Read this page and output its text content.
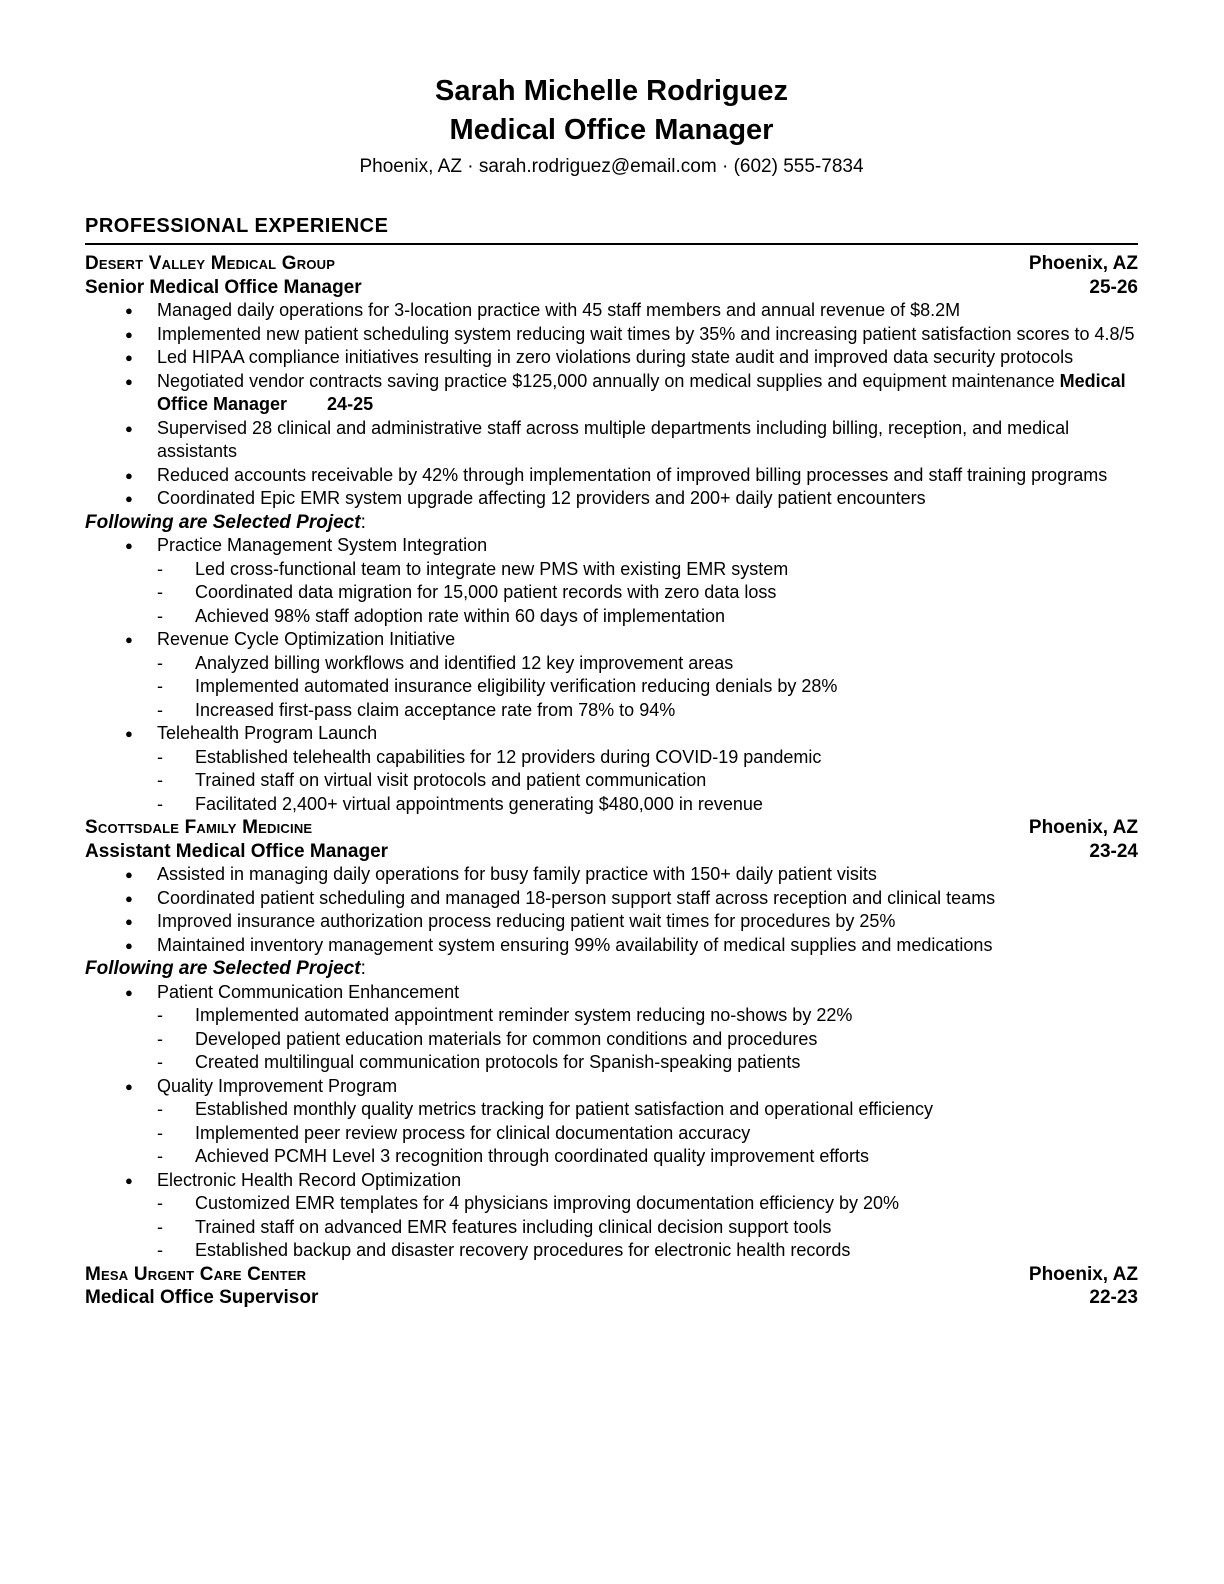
Sarah Michelle Rodriguez
Medical Office Manager
Phoenix, AZ · sarah.rodriguez@email.com · (602) 555-7834
PROFESSIONAL EXPERIENCE
Desert Valley Medical Group	Phoenix, AZ
Senior Medical Office Manager	25-26
●	Managed daily operations for 3-location practice with 45 staff members and annual revenue of $8.2M
●	Implemented new patient scheduling system reducing wait times by 35% and increasing patient satisfaction scores to 4.8/5
●	Led HIPAA compliance initiatives resulting in zero violations during state audit and improved data security protocols
●	Negotiated vendor contracts saving practice $125,000 annually on medical supplies and equipment maintenance Medical Office Manager 24-25
●	Supervised 28 clinical and administrative staff across multiple departments including billing, reception, and medical assistants
●	Reduced accounts receivable by 42% through implementation of improved billing processes and staff training programs
●	Coordinated Epic EMR system upgrade affecting 12 providers and 200+ daily patient encounters
Following are Selected Project:
●	Practice Management System Integration
-	Led cross-functional team to integrate new PMS with existing EMR system
-	Coordinated data migration for 15,000 patient records with zero data loss
-	Achieved 98% staff adoption rate within 60 days of implementation
●	Revenue Cycle Optimization Initiative
-	Analyzed billing workflows and identified 12 key improvement areas
-	Implemented automated insurance eligibility verification reducing denials by 28%
-	Increased first-pass claim acceptance rate from 78% to 94%
●	Telehealth Program Launch
-	Established telehealth capabilities for 12 providers during COVID-19 pandemic
-	Trained staff on virtual visit protocols and patient communication
-	Facilitated 2,400+ virtual appointments generating $480,000 in revenue
Scottsdale Family Medicine	Phoenix, AZ
Assistant Medical Office Manager	23-24
●	Assisted in managing daily operations for busy family practice with 150+ daily patient visits
●	Coordinated patient scheduling and managed 18-person support staff across reception and clinical teams
●	Improved insurance authorization process reducing patient wait times for procedures by 25%
●	Maintained inventory management system ensuring 99% availability of medical supplies and medications
Following are Selected Project:
●	Patient Communication Enhancement
-	Implemented automated appointment reminder system reducing no-shows by 22%
-	Developed patient education materials for common conditions and procedures
-	Created multilingual communication protocols for Spanish-speaking patients
●	Quality Improvement Program
-	Established monthly quality metrics tracking for patient satisfaction and operational efficiency
-	Implemented peer review process for clinical documentation accuracy
-	Achieved PCMH Level 3 recognition through coordinated quality improvement efforts
●	Electronic Health Record Optimization
-	Customized EMR templates for 4 physicians improving documentation efficiency by 20%
-	Trained staff on advanced EMR features including clinical decision support tools
-	Established backup and disaster recovery procedures for electronic health records
Mesa Urgent Care Center	Phoenix, AZ
Medical Office Supervisor	22-23
